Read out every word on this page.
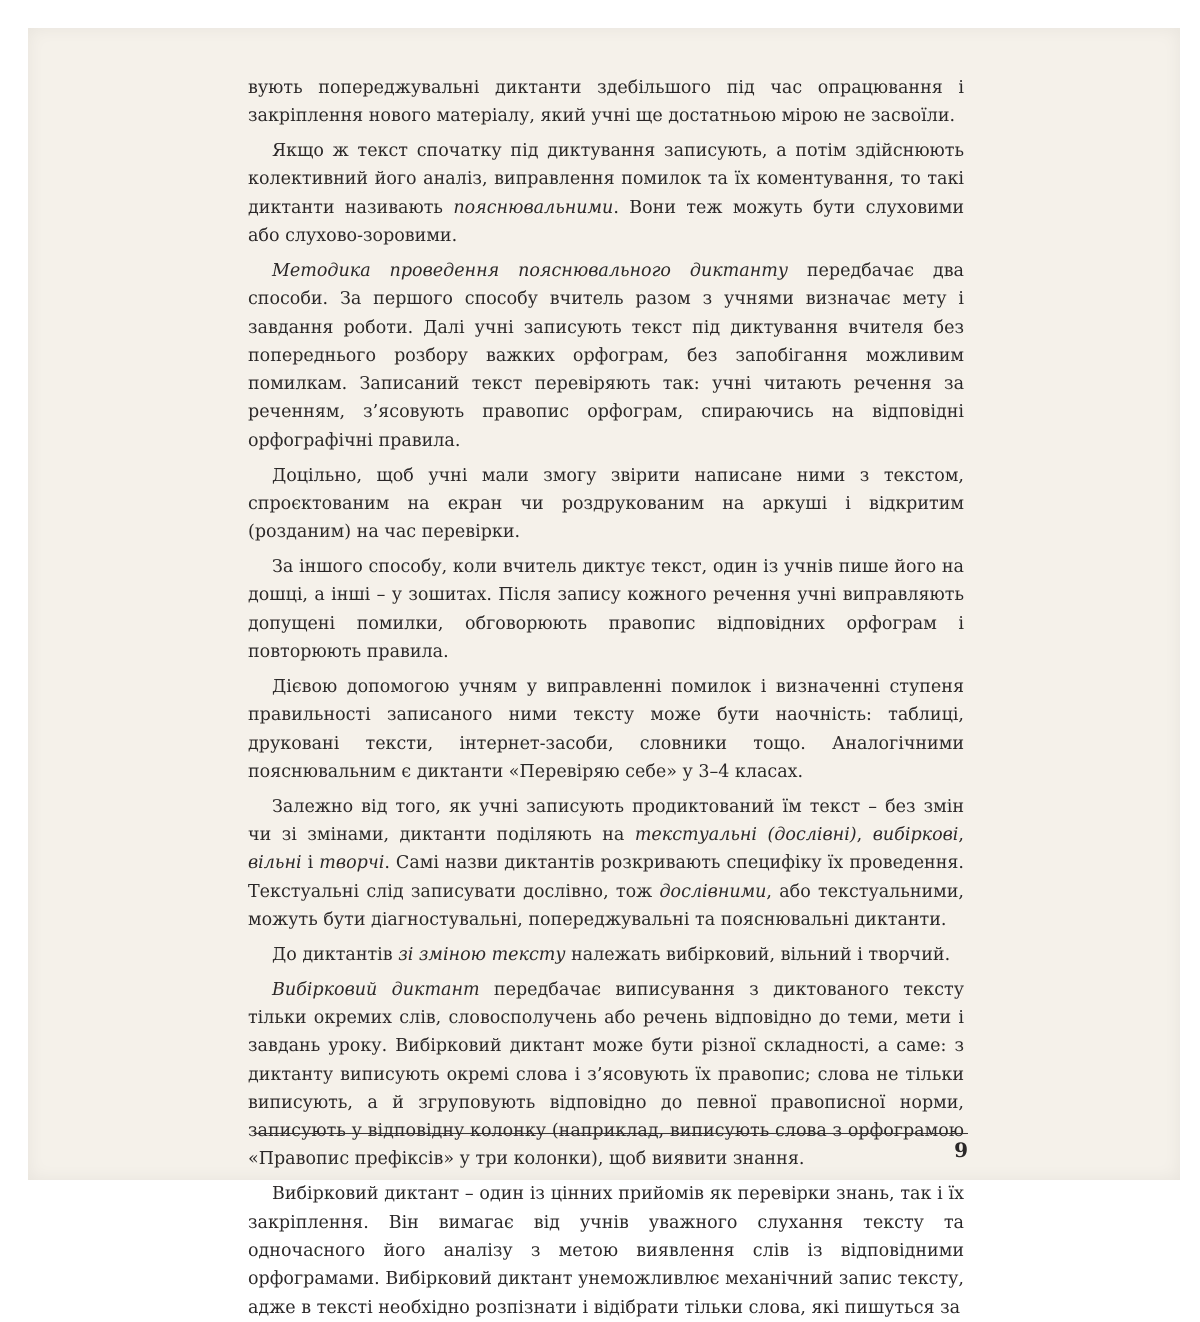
вують попереджувальні диктанти здебільшого під час опрацювання і закріплення нового матеріалу, який учні ще достатньою мірою не засвоїли.

Якщо ж текст спочатку під диктування записують, а потім здійснюють колективний його аналіз, виправлення помилок та їх коментування, то такі диктанти називають пояснювальними. Вони теж можуть бути слуховими або слухово-зоровими.

Методика проведення пояснювального диктанту передбачає два способи. За першого способу вчитель разом з учнями визначає мету і завдання роботи. Далі учні записують текст під диктування вчителя без попереднього розбору важких орфограм, без запобігання можливим помилкам. Записаний текст перевіряють так: учні читають речення за реченням, з’ясовують правопис орфограм, спираючись на відповідні орфографічні правила.

Доцільно, щоб учні мали змогу звірити написане ними з текстом, спроєктованим на екран чи роздрукованим на аркуші і відкритим (розданим) на час перевірки.

За іншого способу, коли вчитель диктує текст, один із учнів пише його на дошці, а інші – у зошитах. Після запису кожного речення учні виправляють допущені помилки, обговорюють правопис відповідних орфограм і повторюють правила.

Дієвою допомогою учням у виправленні помилок і визначенні ступеня правильності записаного ними тексту може бути наочність: таблиці, друковані тексти, інтернет-засоби, словники тощо. Аналогічними пояснювальним є диктанти «Перевіряю себе» у 3–4 класах.

Залежно від того, як учні записують продиктований їм текст – без змін чи зі змінами, диктанти поділяють на текстуальні (дослівні), вибіркові, вільні і творчі. Самі назви диктантів розкривають специфіку їх проведення. Текстуальні слід записувати дослівно, тож дослівними, або текстуальними, можуть бути діагностувальні, попереджувальні та пояснювальні диктанти.

До диктантів зі зміною тексту належать вибірковий, вільний і творчий.

Вибірковий диктант передбачає виписування з диктованого тексту тільки окремих слів, словосполучень або речень відповідно до теми, мети і завдань уроку. Вибірковий диктант може бути різної складності, а саме: з диктанту виписують окремі слова і з’ясовують їх правопис; слова не тільки виписують, а й згруповують відповідно до певної правописної норми, записують у відповідну колонку (наприклад, виписують слова з орфограмою «Правопис префіксів» у три колонки), щоб виявити знання.

Вибірковий диктант – один із цінних прийомів як перевірки знань, так і їх закріплення. Він вимагає від учнів уважного слухання тексту та одночасного його аналізу з метою виявлення слів із відповідними орфограмами. Вибірковий диктант унеможливлює механічний запис тексту, адже в тексті необхідно розпізнати і відібрати тільки слова, які пишуться за

9
